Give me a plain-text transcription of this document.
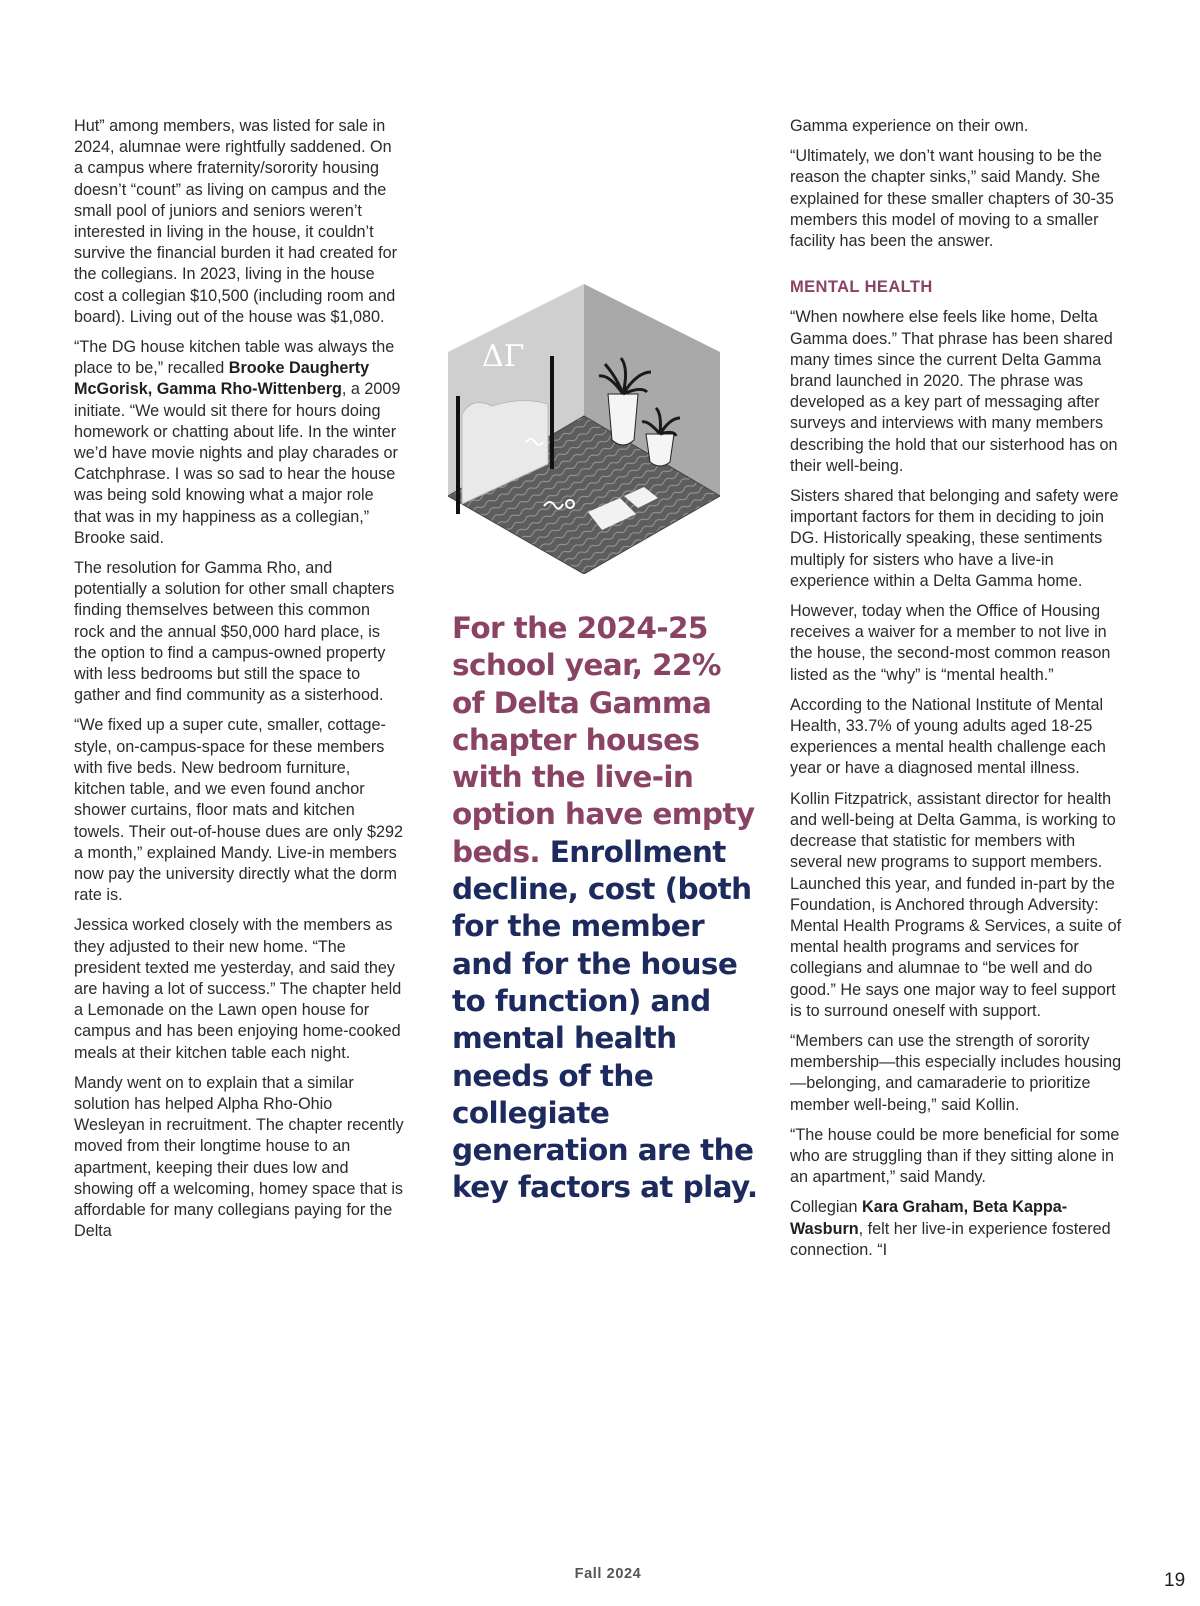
Hut” among members, was listed for sale in 2024, alumnae were rightfully saddened. On a campus where fraternity/sorority housing doesn’t “count” as living on campus and the small pool of juniors and seniors weren’t interested in living in the house, it couldn’t survive the financial burden it had created for the collegians. In 2023, living in the house cost a collegian $10,500 (including room and board). Living out of the house was $1,080.

“The DG house kitchen table was always the place to be,” recalled Brooke Daugherty McGorisk, Gamma Rho-Wittenberg, a 2009 initiate. “We would sit there for hours doing homework or chatting about life. In the winter we’d have movie nights and play charades or Catchphrase. I was so sad to hear the house was being sold knowing what a major role that was in my happiness as a collegian,” Brooke said.

The resolution for Gamma Rho, and potentially a solution for other small chapters finding themselves between this common rock and the annual $50,000 hard place, is the option to find a campus-owned property with less bedrooms but still the space to gather and find community as a sisterhood.

“We fixed up a super cute, smaller, cottage-style, on-campus-space for these members with five beds. New bedroom furniture, kitchen table, and we even found anchor shower curtains, floor mats and kitchen towels. Their out-of-house dues are only $292 a month,” explained Mandy. Live-in members now pay the university directly what the dorm rate is.

Jessica worked closely with the members as they adjusted to their new home. “The president texted me yesterday, and said they are having a lot of success.” The chapter held a Lemonade on the Lawn open house for campus and has been enjoying home-cooked meals at their kitchen table each night.

Mandy went on to explain that a similar solution has helped Alpha Rho-Ohio Wesleyan in recruitment. The chapter recently moved from their longtime house to an apartment, keeping their dues low and showing off a welcoming, homey space that is affordable for many collegians paying for the Delta

ΔΓ
For the 2024-25 school year, 22% of Delta Gamma chapter houses with the live-in option have empty beds. Enrollment decline, cost (both for the member and for the house to function) and mental health needs of the collegiate generation are the key factors at play.

Gamma experience on their own.

“Ultimately, we don’t want housing to be the reason the chapter sinks,” said Mandy. She explained for these smaller chapters of 30-35 members this model of moving to a smaller facility has been the answer.

MENTAL HEALTH

“When nowhere else feels like home, Delta Gamma does.” That phrase has been shared many times since the current Delta Gamma brand launched in 2020. The phrase was developed as a key part of messaging after surveys and interviews with many members describing the hold that our sisterhood has on their well-being.

Sisters shared that belonging and safety were important factors for them in deciding to join DG. Historically speaking, these sentiments multiply for sisters who have a live-in experience within a Delta Gamma home.

However, today when the Office of Housing receives a waiver for a member to not live in the house, the second-most common reason listed as the “why” is “mental health.”

According to the National Institute of Mental Health, 33.7% of young adults aged 18-25 experiences a mental health challenge each year or have a diagnosed mental illness.

Kollin Fitzpatrick, assistant director for health and well-being at Delta Gamma, is working to decrease that statistic for members with several new programs to support members. Launched this year, and funded in-part by the Foundation, is Anchored through Adversity: Mental Health Programs & Services, a suite of mental health programs and services for collegians and alumnae to “be well and do good.” He says one major way to feel support is to surround oneself with support.

“Members can use the strength of sorority membership—this especially includes housing—belonging, and camaraderie to prioritize member well-being,” said Kollin.

“The house could be more beneficial for some who are struggling than if they sitting alone in an apartment,” said Mandy.

Collegian Kara Graham, Beta Kappa-Wasburn, felt her live-in experience fostered connection. “I

Fall 2024	19
